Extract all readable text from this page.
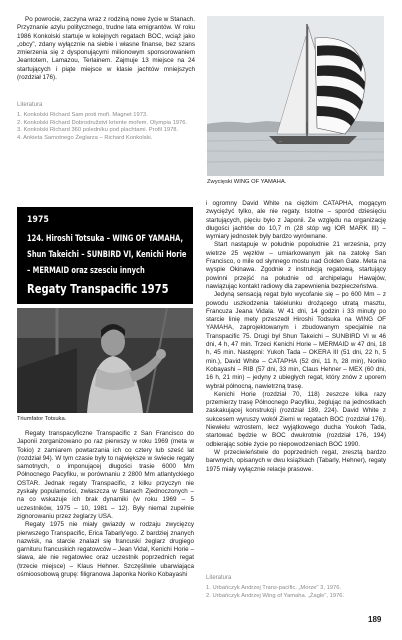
Po powrocie, zaczyna wraz z rodziną nowe życie w Stanach. Przyznanie azylu politycznego, trudne lata emigrantów. W roku 1986 Konkolski startuje w kolejnych regatach BOC, wciąż jako „obcy", zdany wyłącznie na siebie i własne finanse, bez szans zmierzenia się z dysponującymi milionowym sponsorowaniem Jeantotem, Lamazou, Terlainem. Zajmuje 13 miejsce na 24 startujących i piąte miejsce w klasie jachtów mniejszych (rozdział 176).

Literatura
1. Konkolski Richard Sam proti moři. Magnet 1973.
2. Konkolski Richard Dobrodružství krtente mořem. Olympia 1976.
3. Konkolski Richard 360 poledníku pod plachtami. Profil 1978.
4. Ankieta Samotnego Żeglarza – Richard Konkolski.	—
Zwycięski WING OF YAMAHA.
1975
124. Hiroshi Totsuka – WING OF YAMAHA, Shun Takeichi – SUNBIRD VI, Kenichi Horie – MERMAID oraz szesciu innych
Regaty Transpacific 1975
Triumfator Totsuka.

Regaty transpacyficzne Transpacific z San Francisco do Japonii zorganizowano po raz pierwszy w roku 1969 (meta w Tokio) z zamiarem powtarzania ich co cztery lub sześć lat (rozdział 94). W tym czasie były to największe w świecie regaty samotnych, o imponującej długości trasie 6000 Mm Północnego Pacyfiku, w porównaniu z 2800 Mm atlantyckiego OSTAR. Jednak regaty Transpacific, z kilku przyczyn nie zyskały popularności, zwłaszcza w Stanach Zjednoczonych – na co wskazuje ich brak dynamiki (w roku 1969 – 5 uczestników, 1975 – 10, 1981 – 12). Były niemal zupełnie zignorowaniu przez żeglarzy USA.

Regaty 1975 nie miały gwiazdy w rodzaju zwycięzcy pierwszego Transpacific, Erica Tabarly'ego. Z bardziej znanych nazwisk, na starcie znalazł się francuski żeglarz drugiego garnituru francuskich regatowców – Jean Vidal, Kenichi Horie – sława, ale nie regatowiec oraz uczestnik poprzednich regat (trzecie miejsce) – Klaus Hehner. Szczęśliwie ubarwiająca ośmioosobową grupę: filigranowa Japonka Noriko Kobayashi

i ogromny David White na ciężkim CATAPHA, mogącym zwyciężyć tylko, ale nie regaty. Istotne – sporód dziesięciu startujących, pięciu było z Japonii. Ze względu na organizację długości jachtów do 10,7 m (28 stóp wg IOR MARK III) – wymiary jednostek były bardzo wyrównane.

Start nastąpuje w południe popołudnie 21 września, przy wietrze 25 węzłów – umiarkowanym jak na zatokę San Francisco, o mile od słynnego mostu nad Golden Gate. Meta na wyspie Okinawa. Zgodnie z instrukcją regatową, startujący powinni przejść na południe od archipelagu Hawajów, nawiązując kontakt radiowy dla zapewnienia bezpieczeństwa.

Jedyną sensacją regat było wycofanie się – po 600 Mm – z powodu uszkodzenia takielunku drożącego utratą masztu, Francuza Jeana Vidala. W 41 dni, 14 godzin i 33 minuty po starcie linię mety przeszedł Hiroshi Todsuka na WING OF YAMAHA, zaprojektowanym i zbudowanym specjalnie na Transpacific 75. Drugi był Shun Takeichi – SUNBIRD VI w 46 dni, 4 h, 47 min. Trzeci Kenichi Horie – MERMAID w 47 dni, 18 h, 45 min. Następni: Yukoh Tada – OKERA III (51 dni, 22 h, 5 min.), David White – CATAPHA (52 dni, 11 h, 28 min), Noriko Kobayashi – RIB (57 dni, 33 min, Claus Hehner – MEX (60 dni, 16 h, 21 min) – jedyny z ubiegłych regat, który znów z uporem wybrał północną, nawietrzną trasę.

Kenichi Horie (rozdział 70, 118) zeszcze kilka razy przemierzy trasę Północnego Pacyfiku, żeglując na jednostkach zaskakującej konstrukcji (rozdział 189, 224). David White z sukcesem wyruszy wokół Ziemi w regatach BOC (rozdział 176). Niewielu wzrostem, lecz wyjątkowego ducha Youkoh Tada, startować będzie w BOC dwukrotnie (rozdział 176, 194) odbierając sobie życie po niepowodzeniach BOC 1990.

W przeciwieństwie do poprzednich regat, zresztą bardzo barwnych, opisanych w dwu książkach (Tabarly, Hehner), regaty 1975 miały wyłącznie relacje prasowe.

Literatura
1. Urbańczyk Andrzej Trans-pacific. „Morze" 3, 1976.
2. Urbańczyk Andrzej Wing of Yamaha. „Żagle", 1976.
189
